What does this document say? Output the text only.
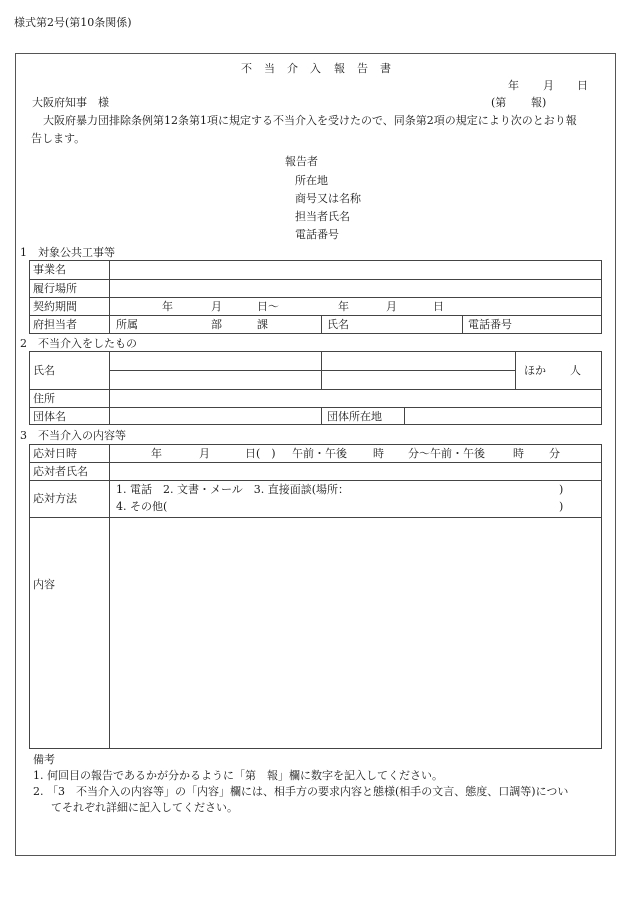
様式第2号(第10条関係)
不 当 介 入 報 告 書
年 月 日
大阪府知事　様	(第 報)
大阪府暴力団排除条例第12条第1項に規定する不当介入を受けたので、同条第2項の規定により次のとおり報
告します。
報告者
所在地
商号又は名称
担当者氏名
電話番号
1　対象公共工事等
事業名
履行場所
契約期間	年	月	日～	年	月	日
府担当者	所属	部	課	氏名	電話番号
2　不当介入をしたもの
氏名	ほか 人
住所
団体名	団体所在地
3　不当介入の内容等
応対日時	年	月	日(　) 午前・午後 時 分～午前・午後	時 分
応対者氏名
応対方法
1. 電話　2. 文書・メール　3. 直接面談(場所：	)
4. その他(	)
内容
備考
1. 何回目の報告であるかが分かるように「第　報」欄に数字を記入してください。
2. 「3　不当介入の内容等」の「内容」欄には、相手方の要求内容と態様(相手の文言、態度、口調等)につい
てそれぞれ詳細に記入してください。
